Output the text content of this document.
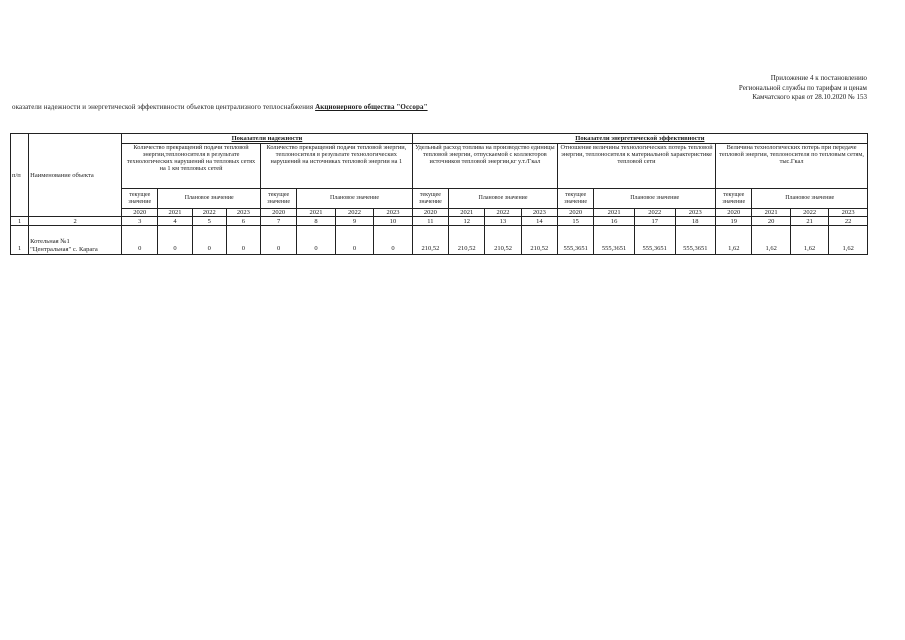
Приложение 4 к постановлению
Региональной службы по тарифам и ценам
Камчатского края от 28.10.2020 № 153
оказатели надежности и энергетической эффективности объектов централизного теплоснабжения Акционерного общества "Оссора"
п/п	Наименование объекта	Показатели надежности								Показатели энергетической эффективности											
		Количество прекращений подачи тепловой энергии,теплоносителя в результате технологических нарушений на тепловых сетях на 1 км тепловых сетей				Количество прекращений подачи тепловой энергии, теплоносителя в результате технологических нарушений на источниках тепловой энергии на 1				Удельный расход топлива на производство единицы тепловой энергии, отпускаемой с коллекторов источников тепловой энергии,кг у.т./Гкал				Отношение величины технологических потерь тепловой энергии, теплоносителя к материальной характеристике тепловой сети				Величина технологических потерь при передаче тепловой энергии, теплоносителя по тепловым сетям, тыс.Гкал			
		текущее значение	Плановое значение			текущее значение	Плановое значение			текущее значение	Плановое значение			текущее значение	Плановое значение			текущее значение	Плановое значение		
		2020	2021	2022	2023	2020	2021	2022	2023	2020	2021	2022	2023	2020	2021	2022	2023	2020	2021	2022	2023
1	2	3	4	5	6	7	8	9	10	11	12	13	14	15	16	17	18	19	20	21	22
1	Котельная №1
"Центральная" с. Карага	0	0	0	0	0	0	0	0	210,52	210,52	210,52	210,52	555,3651	555,3651	555,3651	555,3651	1,62	1,62	1,62	1,62
